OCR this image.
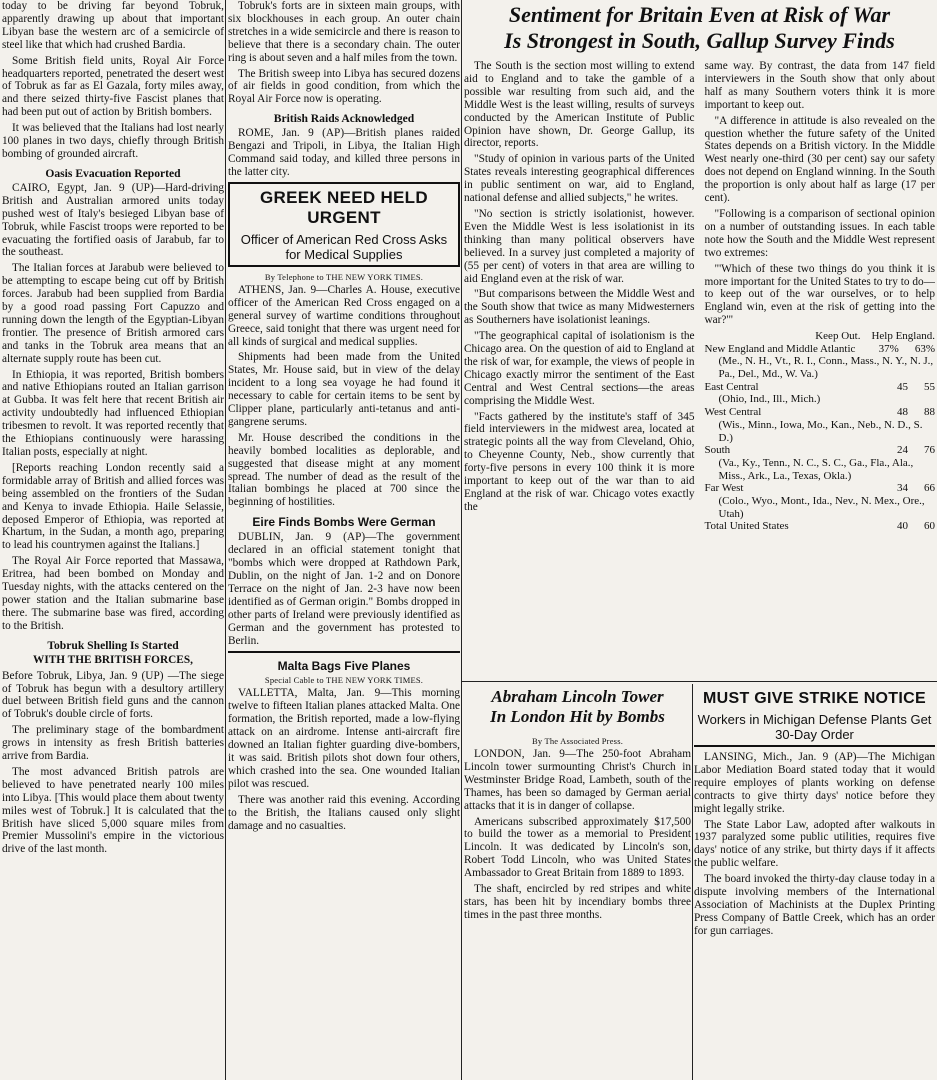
today to be driving far beyond Tobruk, apparently drawing up about that important Libyan base the western arc of a semicircle of steel like that which had crushed Bardia.

Some British field units, Royal Air Force headquarters reported, penetrated the desert west of Tobruk as far as El Gazala, forty miles away, and there seized thirty-five Fascist planes that had been put out of action by British bombers.

It was believed that the Italians had lost nearly 100 planes in two days, chiefly through British bombing of grounded aircraft.

Oasis Evacuation Reported

CAIRO, Egypt, Jan. 9 (UP)—Hard-driving British and Australian armored units today pushed west of Italy's besieged Libyan base of Tobruk, while Fascist troops were reported to be evacuating the fortified oasis of Jarabub, far to the southeast.

The Italian forces at Jarabub were believed to be attempting to escape being cut off by British forces. Jarabub had been supplied from Bardia by a good road passing Fort Capuzzo and running down the length of the Egyptian-Libyan frontier. The presence of British armored cars and tanks in the Tobruk area means that an alternate supply route has been cut.

In Ethiopia, it was reported, British bombers and native Ethiopians routed an Italian garrison at Gubba. It was felt here that recent British air activity undoubtedly had influenced Ethiopian tribesmen to revolt. It was reported recently that the Ethiopians continuously were harassing Italian posts, especially at night.

[Reports reaching London recently said a formidable array of British and allied forces was being assembled on the frontiers of the Sudan and Kenya to invade Ethiopia. Haile Selassie, deposed Emperor of Ethiopia, was reported at Khartum, in the Sudan, a month ago, preparing to lead his countrymen against the Italians.]

The Royal Air Force reported that Massawa, Eritrea, had been bombed on Monday and Tuesday nights, with the attacks centered on the power station and the Italian submarine base there. The submarine base was fired, according to the British.

Tobruk Shelling Is Started

WITH THE BRITISH FORCES,

Before Tobruk, Libya, Jan. 9 (UP) —The siege of Tobruk has begun with a desultory artillery duel between British field guns and the cannon of Tobruk's double circle of forts.

The preliminary stage of the bombardment grows in intensity as fresh British batteries arrive from Bardia.

The most advanced British patrols are believed to have penetrated nearly 100 miles into Libya. [This would place them about twenty miles west of Tobruk.] It is calculated that the British have sliced 5,000 square miles from Premier Mussolini's empire in the victorious drive of the last month.

Tobruk's forts are in sixteen main groups, with six blockhouses in each group. An outer chain stretches in a wide semicircle and there is reason to believe that there is a secondary chain. The outer ring is about seven and a half miles from the town.

The British sweep into Libya has secured dozens of air fields in good condition, from which the Royal Air Force now is operating.

British Raids Acknowledged

ROME, Jan. 9 (AP)—British planes raided Bengazi and Tripoli, in Libya, the Italian High Command said today, and killed three persons in the latter city.

GREEK NEED HELD URGENT
Officer of American Red Cross Asks for Medical Supplies
By Telephone to THE NEW YORK TIMES.

ATHENS, Jan. 9—Charles A. House, executive officer of the American Red Cross engaged on a general survey of wartime conditions throughout Greece, said tonight that there was urgent need for all kinds of surgical and medical supplies.

Shipments had been made from the United States, Mr. House said, but in view of the delay incident to a long sea voyage he had found it necessary to cable for certain items to be sent by Clipper plane, particularly anti-tetanus and anti-gangrene serums.

Mr. House described the conditions in the heavily bombed localities as deplorable, and suggested that disease might at any moment spread. The number of dead as the result of the Italian bombings he placed at 700 since the beginning of hostilities.

Eire Finds Bombs Were German

DUBLIN, Jan. 9 (AP)—The government declared in an official statement tonight that "bombs which were dropped at Rathdown Park, Dublin, on the night of Jan. 1-2 and on Donore Terrace on the night of Jan. 2-3 have now been identified as of German origin." Bombs dropped in other parts of Ireland were previously identified as German and the government has protested to Berlin.

Malta Bags Five Planes
Special Cable to THE NEW YORK TIMES.

VALLETTA, Malta, Jan. 9—This morning twelve to fifteen Italian planes attacked Malta. One formation, the British reported, made a low-flying attack on an airdrome. Intense anti-aircraft fire downed an Italian fighter guarding dive-bombers, it was said. British pilots shot down four others, which crashed into the sea. One wounded Italian pilot was rescued.

There was another raid this evening. According to the British, the Italians caused only slight damage and no casualties.

Sentiment for Britain Even at Risk of War
Is Strongest in South, Gallup Survey Finds

The South is the section most willing to extend aid to England and to take the gamble of a possible war resulting from such aid, and the Middle West is the least willing, results of surveys conducted by the American Institute of Public Opinion have shown, Dr. George Gallup, its director, reports.

"Study of opinion in various parts of the United States reveals interesting geographical differences in public sentiment on war, aid to England, national defense and allied subjects," he writes.

"No section is strictly isolationist, however. Even the Middle West is less isolationist in its thinking than many political observers have believed. In a survey just completed a majority of (55 per cent) of voters in that area are willing to aid England even at the risk of war.

"But comparisons between the Middle West and the South show that twice as many Midwesterners as Southerners have isolationist leanings.

"The geographical capital of isolationism is the Chicago area. On the question of aid to England at the risk of war, for example, the views of people in Chicago exactly mirror the sentiment of the East Central and West Central sections—the areas comprising the Middle West.

"Facts gathered by the institute's staff of 345 field interviewers in the midwest area, located at strategic points all the way from Cleveland, Ohio, to Cheyenne County, Neb., show currently that forty-five persons in every 100 think it is more important to keep out of the war than to aid England at the risk of war. Chicago votes exactly the

same way. By contrast, the data from 147 field interviewers in the South show that only about half as many Southern voters think it is more important to keep out.

"A difference in attitude is also revealed on the question whether the future safety of the United States depends on a British victory. In the Middle West nearly one-third (30 per cent) say our safety does not depend on England winning. In the South the proportion is only about half as large (17 per cent).

"Following is a comparison of sectional opinion on a number of outstanding issues. In each table note how the South and the Middle West represent two extremes:

"'Which of these two things do you think it is more important for the United States to try to do—to keep out of the war ourselves, or to help England win, even at the risk of getting into the war?'"

Keep Out. Help England.
New England and Middle Atlantic 37% 63%
(Me., N. H., Vt., R. I., Conn., Mass., N. Y., N. J., Pa., Del., Md., W. Va.)
East Central	45 55
(Ohio, Ind., Ill., Mich.)
West Central	48 88
(Wis., Minn., Iowa, Mo., Kan., Neb., N. D., S. D.)
South	24 76
(Va., Ky., Tenn., N. C., S. C., Ga., Fla., Ala., Miss., Ark., La., Texas, Okla.)
Far West	34 66
(Colo., Wyo., Mont., Ida., Nev., N. Mex., Ore., Utah)
Total United States	40 60
Abraham Lincoln Tower
In London Hit by Bombs
By The Associated Press.

LONDON, Jan. 9—The 250-foot Abraham Lincoln tower surmounting Christ's Church in Westminster Bridge Road, Lambeth, south of the Thames, has been so damaged by German aerial attacks that it is in danger of collapse.

Americans subscribed approximately $17,500 to build the tower as a memorial to President Lincoln. It was dedicated by Lincoln's son, Robert Todd Lincoln, who was United States Ambassador to Great Britain from 1889 to 1893.

The shaft, encircled by red stripes and white stars, has been hit by incendiary bombs three times in the past three months.

MUST GIVE STRIKE NOTICE
Workers in Michigan Defense Plants Get 30-Day Order

LANSING, Mich., Jan. 9 (AP)—The Michigan Labor Mediation Board stated today that it would require employes of plants working on defense contracts to give thirty days' notice before they might legally strike.

The State Labor Law, adopted after walkouts in 1937 paralyzed some public utilities, requires five days' notice of any strike, but thirty days if it affects the public welfare.

The board invoked the thirty-day clause today in a dispute involving members of the International Association of Machinists at the Duplex Printing Press Company of Battle Creek, which has an order for gun carriages.
